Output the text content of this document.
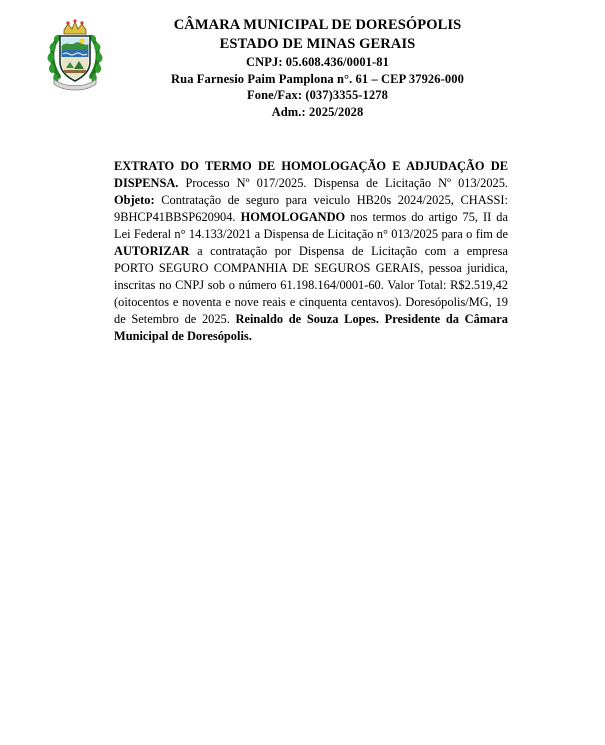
CÂMARA MUNICIPAL DE DORESÓPOLIS
ESTADO DE MINAS GERAIS
CNPJ: 05.608.436/0001-81
Rua Farnesio Paim Pamplona n°. 61 – CEP 37926-000
Fone/Fax: (037)3355-1278
Adm.: 2025/2028
EXTRATO DO TERMO DE HOMOLOGAÇÃO E ADJUDAÇÃO DE DISPENSA. Processo Nº 017/2025. Dispensa de Licitação Nº 013/2025. Objeto: Contratação de seguro para veiculo HB20s 2024/2025, CHASSI: 9BHCP41BBSP620904. HOMOLOGANDO nos termos do artigo 75, II da Lei Federal n° 14.133/2021 a Dispensa de Licitação n° 013/2025 para o fim de AUTORIZAR a contratação por Dispensa de Licitação com a empresa PORTO SEGURO COMPANHIA DE SEGUROS GERAIS, pessoa juridica, inscritas no CNPJ sob o número 61.198.164/0001-60. Valor Total: R$2.519,42 (oitocentos e noventa e nove reais e cinquenta centavos). Doresópolis/MG, 19 de Setembro de 2025. Reinaldo de Souza Lopes. Presidente da Câmara Municipal de Doresópolis.
